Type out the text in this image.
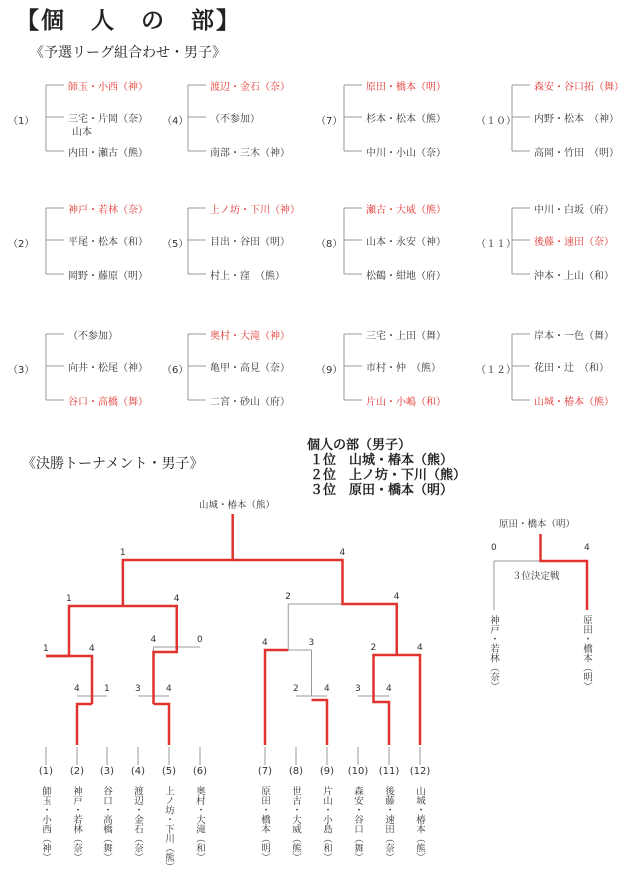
【個　人　の　部】
《予選リーグ組合わせ・男子》
（1）
師玉・小西（神）
三宅・片岡（奈）
内田・瀬古（熊）
山本
（4）
渡辺・金石（奈）
（不参加）
南部・三木（神）
（7）
原田・橋本（明）
杉本・松本（熊）
中川・小山（奈）
（１０）
森安・谷口拓（舞）
内野・松本　（神）
高岡・竹田　（明）
（2）
神戸・若林（奈）
平尾・松本（和）
岡野・藤原（明）
（5）
上ノ坊・下川（神）
目出・谷田（明）
村上・窪　（熊）
（8）
瀬古・大威（熊）
山本・永安（神）
松鶴・紺地（府）
（１１）
中川・白坂（府）
後藤・速田（奈）
沖本・上山（和）
（3）
（不参加）
向井・松尾（神）
谷口・高橋（舞）
（6）
奥村・大滝（神）
亀甲・高見（奈）
二宮・砂山（府）
（9）
三宅・上田（舞）
市村・仲　（熊）
片山・小嶋（和）
（１２）
岸本・一色（舞）
花田・辻　（和）
山城・椿本（熊）
《決勝トーナメント・男子》
個人の部（男子）
１位　山城・椿本（熊）
２位　上ノ坊・下川（熊）
３位　原田・橋本（明）
山城・椿本（熊）
原田・橋本（明）
３位決定戦
4	1	3	4	2	4	3	4
1	4
4	0	4	3	2	4
1	4	2	4
1	4	0	4
神戸・若林（奈）	原田・橋本（明）
(1)
師玉・小西（神）
(2)
神戸・若林（奈）
(3)
谷口・高橋（舞）
(4)
渡辺・金石（奈）
(5)
上ノ坊・下川（熊）
(6)
奥村・大滝（和）
(7)
原田・橋本（明）
(8)
世古・大威（熊）
(9)
片山・小島（和）
(10)
森安・谷口（舞）
(11)
後藤・速田（奈）
(12)
山城・椿本（熊）
